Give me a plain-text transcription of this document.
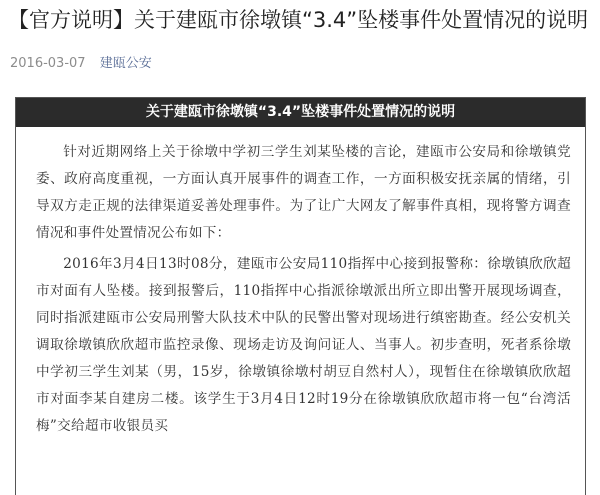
【官方说明】关于建瓯市徐墩镇“3.4”坠楼事件处置情况的说明
2016-03-07 建瓯公安
关于建瓯市徐墩镇“3.4”坠楼事件处置情况的说明

针对近期网络上关于徐墩中学初三学生刘某坠楼的言论，建瓯市公安局和徐墩镇党委、政府高度重视，一方面认真开展事件的调查工作，一方面积极安抚亲属的情绪，引导双方走正规的法律渠道妥善处理事件。为了让广大网友了解事件真相，现将警方调查情况和事件处置情况公布如下：

2016年3月4日13时08分，建瓯市公安局110指挥中心接到报警称：徐墩镇欣欣超市对面有人坠楼。接到报警后，110指挥中心指派徐墩派出所立即出警开展现场调查，同时指派建瓯市公安局刑警大队技术中队的民警出警对现场进行缜密勘查。经公安机关调取徐墩镇欣欣超市监控录像、现场走访及询问证人、当事人。初步查明，死者系徐墩中学初三学生刘某（男，15岁，徐墩镇徐墩村胡豆自然村人），现暂住在徐墩镇欣欣超市对面李某自建房二楼。该学生于3月4日12时19分在徐墩镇欣欣超市将一包“台湾活梅”交给超市收银员买
